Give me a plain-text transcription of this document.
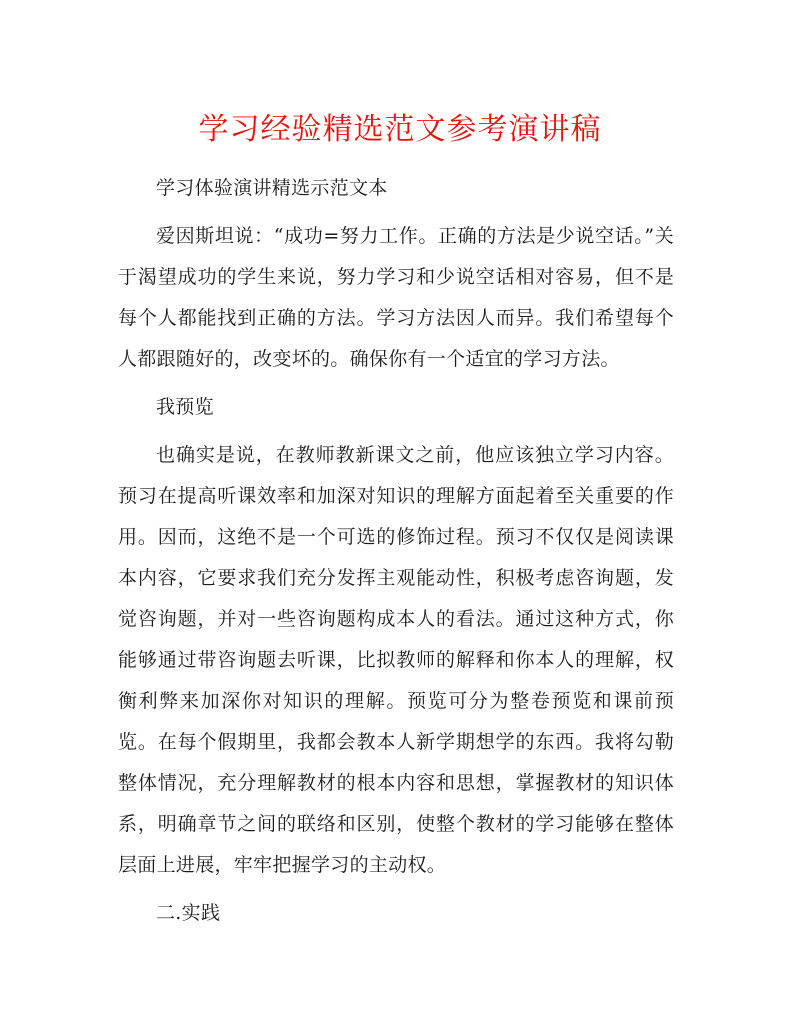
学习经验精选范文参考演讲稿

学习体验演讲精选示范文本

爱因斯坦说：“成功=努力工作。正确的方法是少说空话。”关于渴望成功的学生来说，努力学习和少说空话相对容易，但不是每个人都能找到正确的方法。学习方法因人而异。我们希望每个人都跟随好的，改变坏的。确保你有一个适宜的学习方法。

我预览

也确实是说，在教师教新课文之前，他应该独立学习内容。预习在提高听课效率和加深对知识的理解方面起着至关重要的作用。因而，这绝不是一个可选的修饰过程。预习不仅仅是阅读课本内容，它要求我们充分发挥主观能动性，积极考虑咨询题，发觉咨询题，并对一些咨询题构成本人的看法。通过这种方式，你能够通过带咨询题去听课，比拟教师的解释和你本人的理解，权衡利弊来加深你对知识的理解。预览可分为整卷预览和课前预览。在每个假期里，我都会教本人新学期想学的东西。我将勾勒整体情况，充分理解教材的根本内容和思想，掌握教材的知识体系，明确章节之间的联络和区别，使整个教材的学习能够在整体层面上进展，牢牢把握学习的主动权。

二.实践
